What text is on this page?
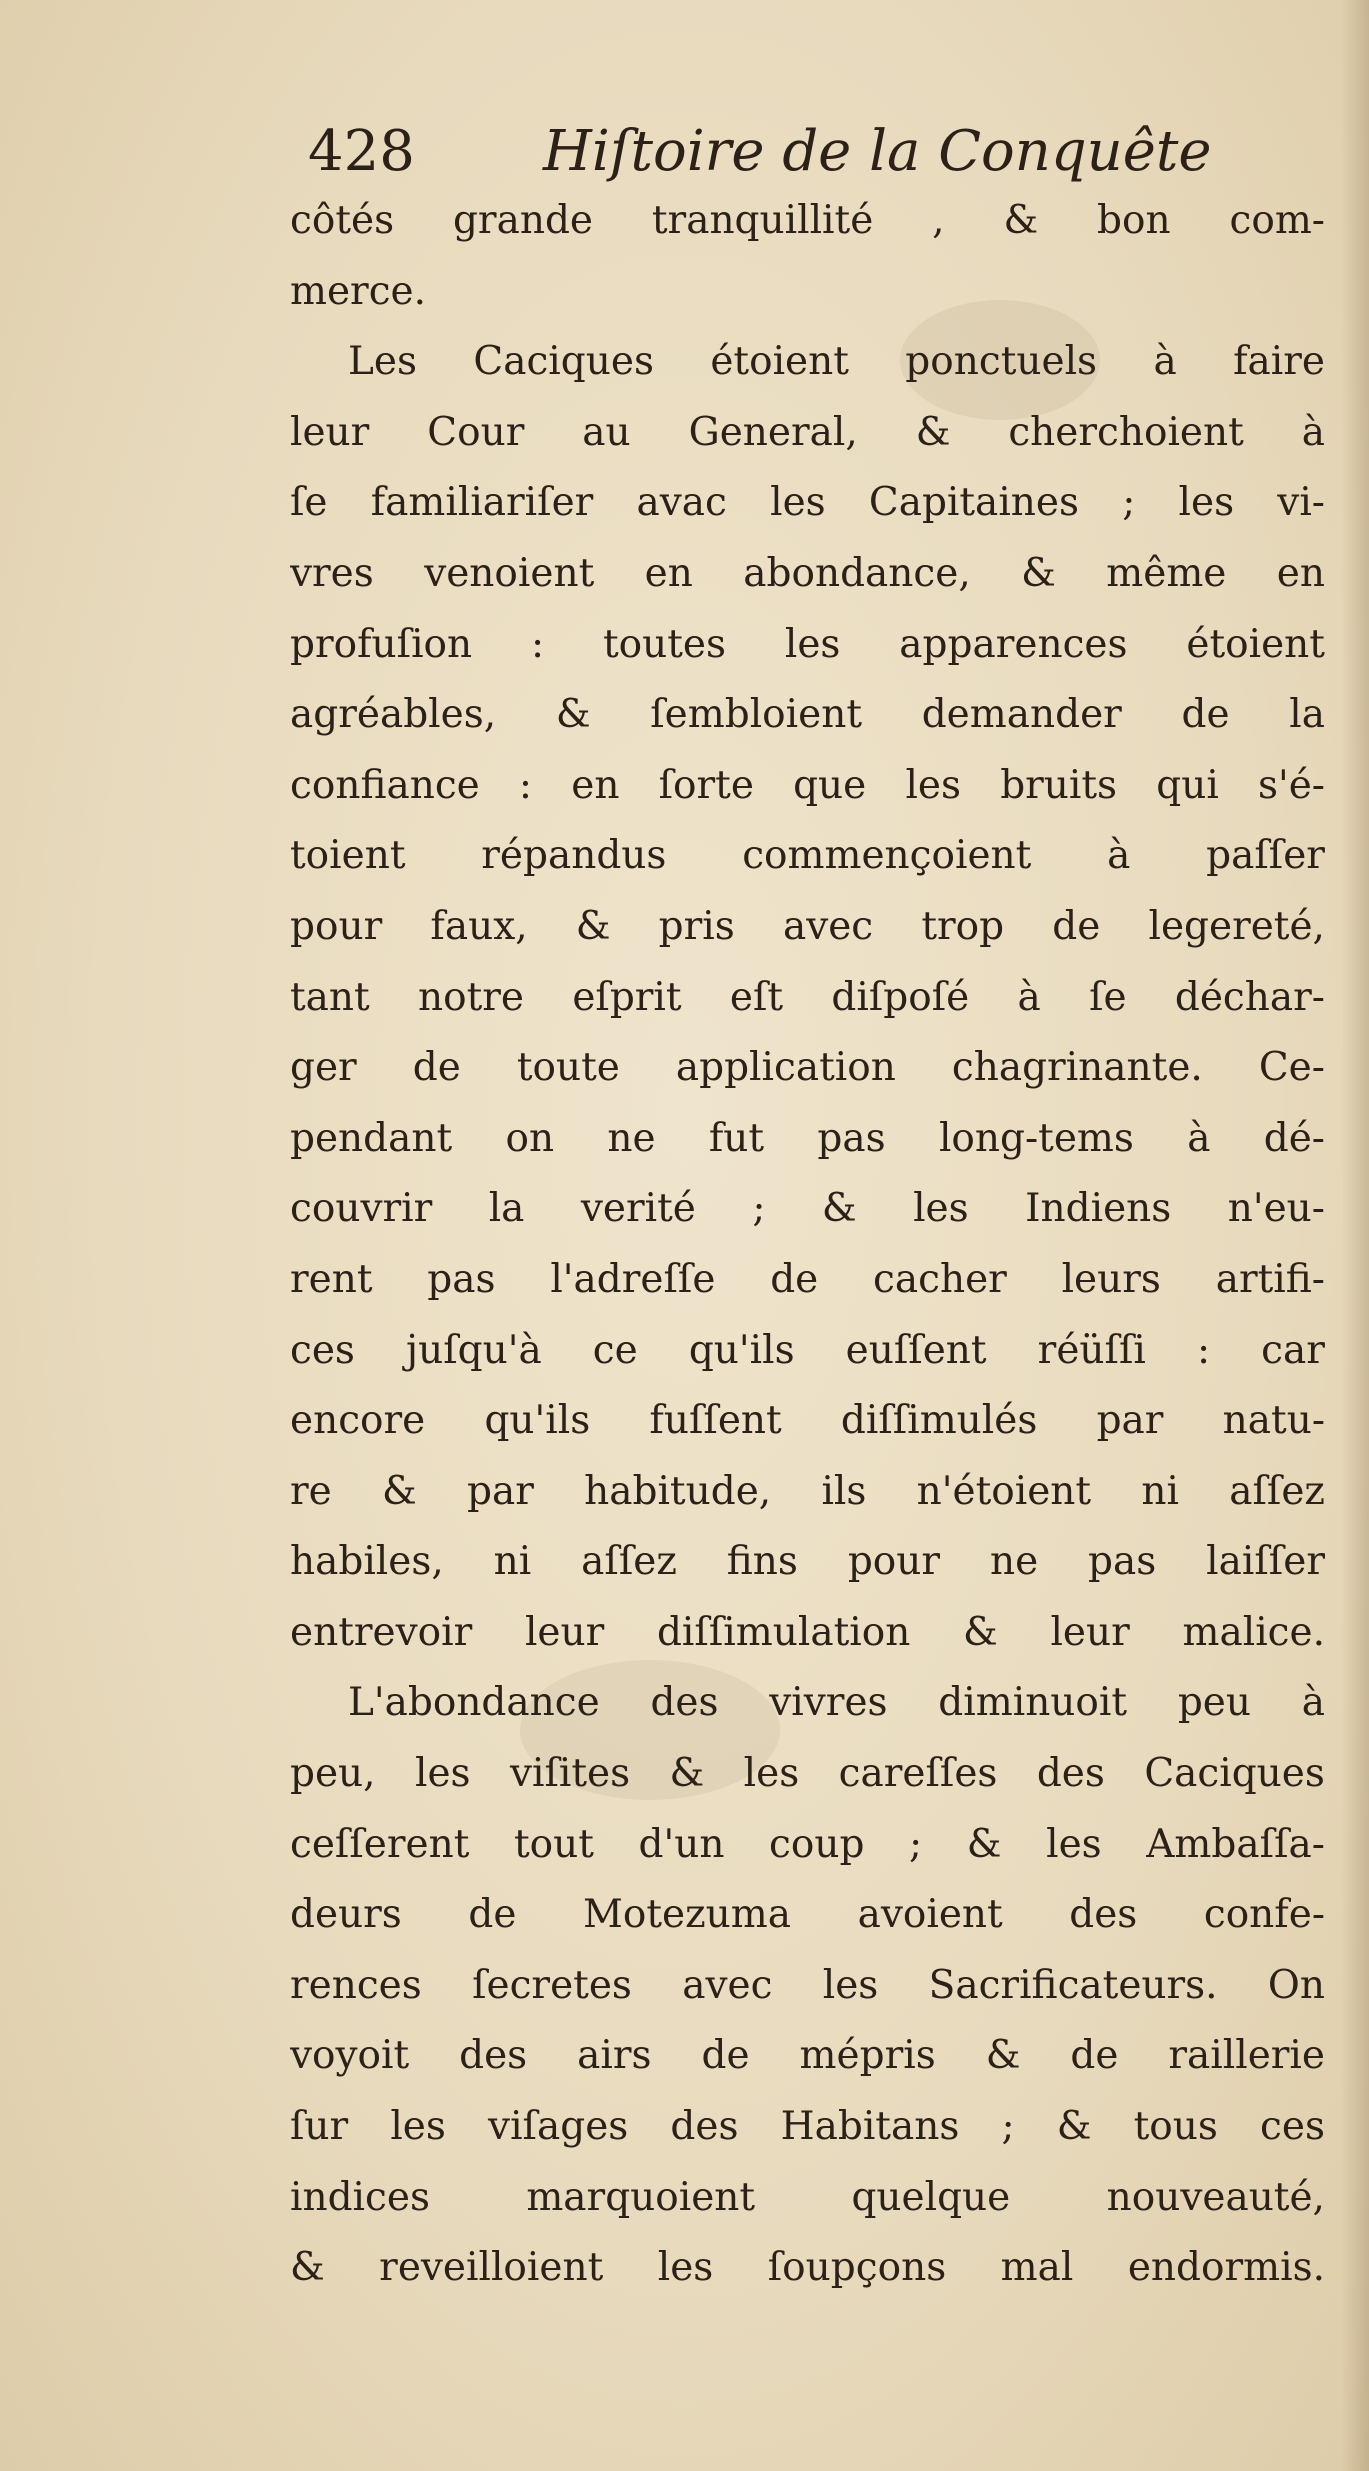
428 Hiſtoire de la Conquête
côtés grande tranquillité , & bon com-
merce.
Les Caciques étoient ponctuels à faire
leur Cour au General, & cherchoient à
ſe familiariſer avac les Capitaines ; les vi-
vres venoient en abondance, & même en
profuſion : toutes les apparences étoient
agréables, & ſembloient demander de la
confiance : en ſorte que les bruits qui s'é-
toient répandus commençoient à paſſer
pour faux, & pris avec trop de legereté,
tant notre eſprit eſt diſpoſé à ſe déchar-
ger de toute application chagrinante. Ce-
pendant on ne fut pas long-tems à dé-
couvrir la verité ; & les Indiens n'eu-
rent pas l'adreſſe de cacher leurs artifi-
ces juſqu'à ce qu'ils euſſent réüſſi : car
encore qu'ils fuſſent diſſimulés par natu-
re & par habitude, ils n'étoient ni aſſez
habiles, ni aſſez fins pour ne pas laiſſer
entrevoir leur diſſimulation & leur malice.
L'abondance des vivres diminuoit peu à
peu, les viſites & les careſſes des Caciques
ceſſerent tout d'un coup ; & les Ambaſſa-
deurs de Motezuma avoient des confe-
rences ſecretes avec les Sacrificateurs. On
voyoit des airs de mépris & de raillerie
ſur les viſages des Habitans ; & tous ces
indices marquoient quelque nouveauté,
& reveilloient les ſoupçons mal endormis.
